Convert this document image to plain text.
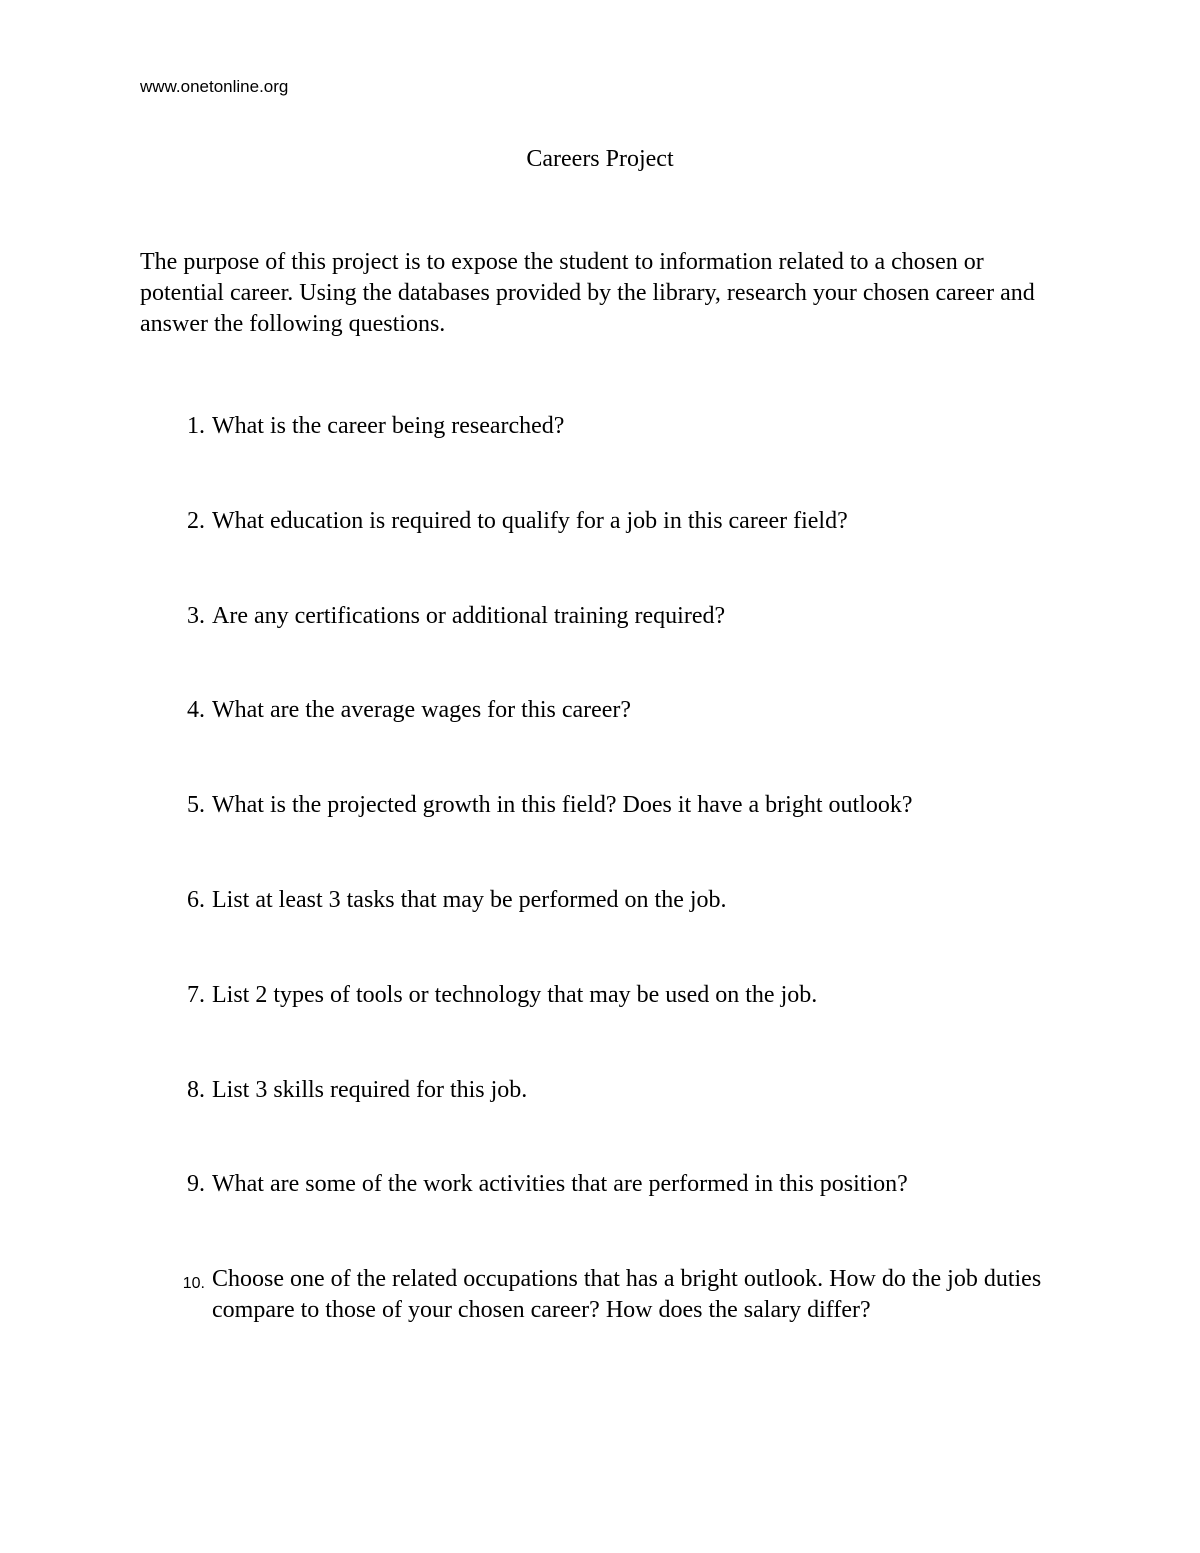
www.onetonline.org
Careers Project

The purpose of this project is to expose the student to information related to a chosen or potential career. Using the databases provided by the library, research your chosen career and answer the following questions.

1. What is the career being researched?
2. What education is required to qualify for a job in this career field?
3. Are any certifications or additional training required?
4. What are the average wages for this career?
5. What is the projected growth in this field? Does it have a bright outlook?
6. List at least 3 tasks that may be performed on the job.
7. List 2 types of tools or technology that may be used on the job.
8. List 3 skills required for this job.
9. What are some of the work activities that are performed in this position?
10. Choose one of the related occupations that has a bright outlook. How do the job duties compare to those of your chosen career? How does the salary differ?
